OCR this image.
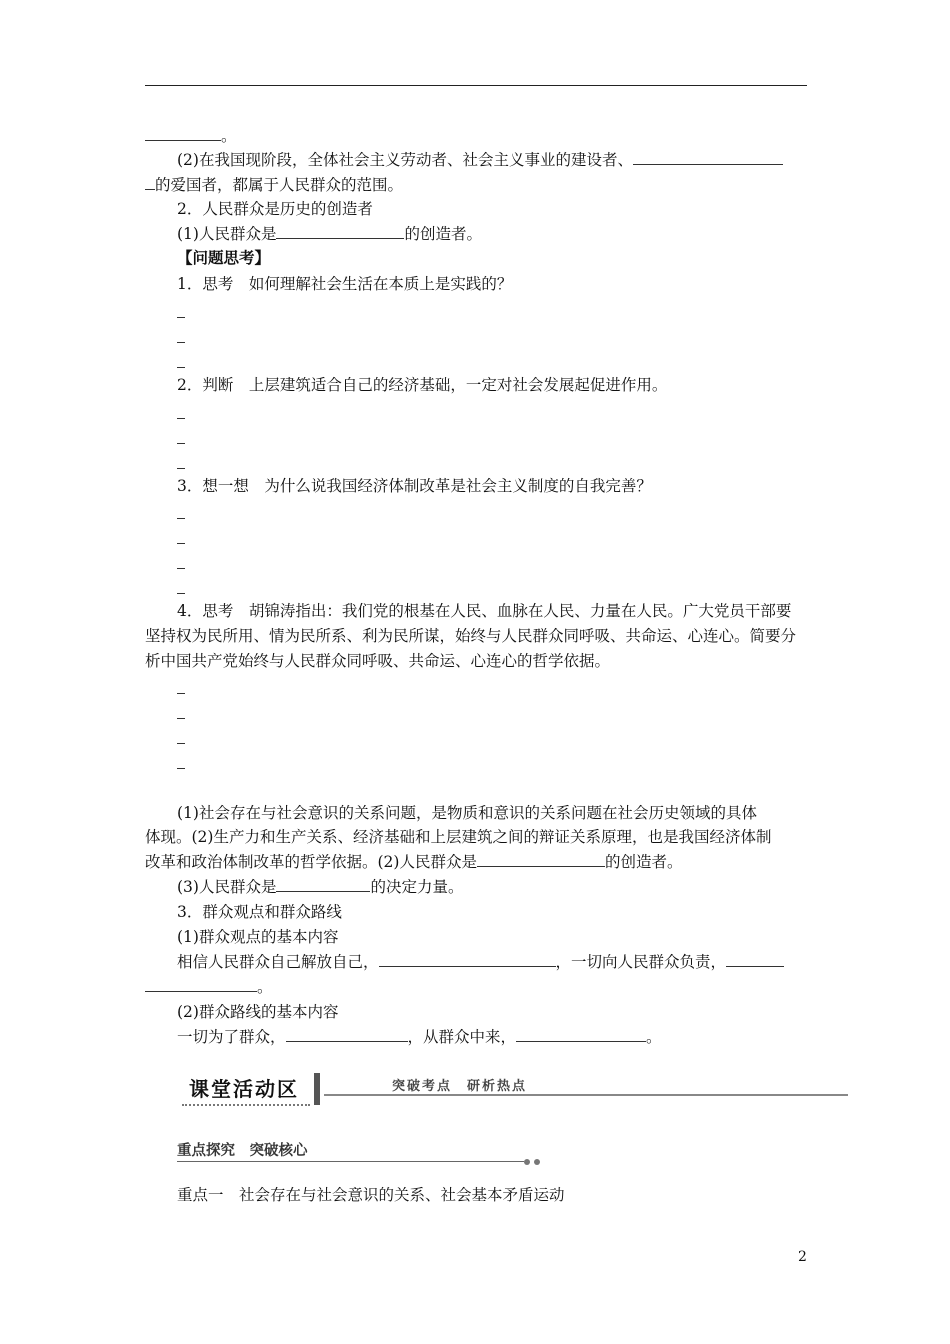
。
(2)在我国现阶段，全体社会主义劳动者、社会主义事业的建设者、
的爱国者，都属于人民群众的范围。
2．人民群众是历史的创造者
(1)人民群众是	的创造者。
【问题思考】
1．思考　如何理解社会生活在本质上是实践的？
2．判断　上层建筑适合自己的经济基础，一定对社会发展起促进作用。
3．想一想　为什么说我国经济体制改革是社会主义制度的自我完善？
4．思考　胡锦涛指出：我们党的根基在人民、血脉在人民、力量在人民。广大党员干部要
坚持权为民所用、情为民所系、利为民所谋，始终与人民群众同呼吸、共命运、心连心。简要分
析中国共产党始终与人民群众同呼吸、共命运、心连心的哲学依据。
(1)社会存在与社会意识的关系问题，是物质和意识的关系问题在社会历史领域的具体
体现。(2)生产力和生产关系、经济基础和上层建筑之间的辩证关系原理，也是我国经济体制
改革和政治体制改革的哲学依据。(2)人民群众是	的创造者。
(3)人民群众是	的决定力量。
3．群众观点和群众路线
(1)群众观点的基本内容
相信人民群众自己解放自己，	，一切向人民群众负责，
。
(2)群众路线的基本内容
一切为了群众，	，从群众中来，	。
课堂活动区	突破考点　研析热点
重点探究　突破核心
重点一　社会存在与社会意识的关系、社会基本矛盾运动
2
